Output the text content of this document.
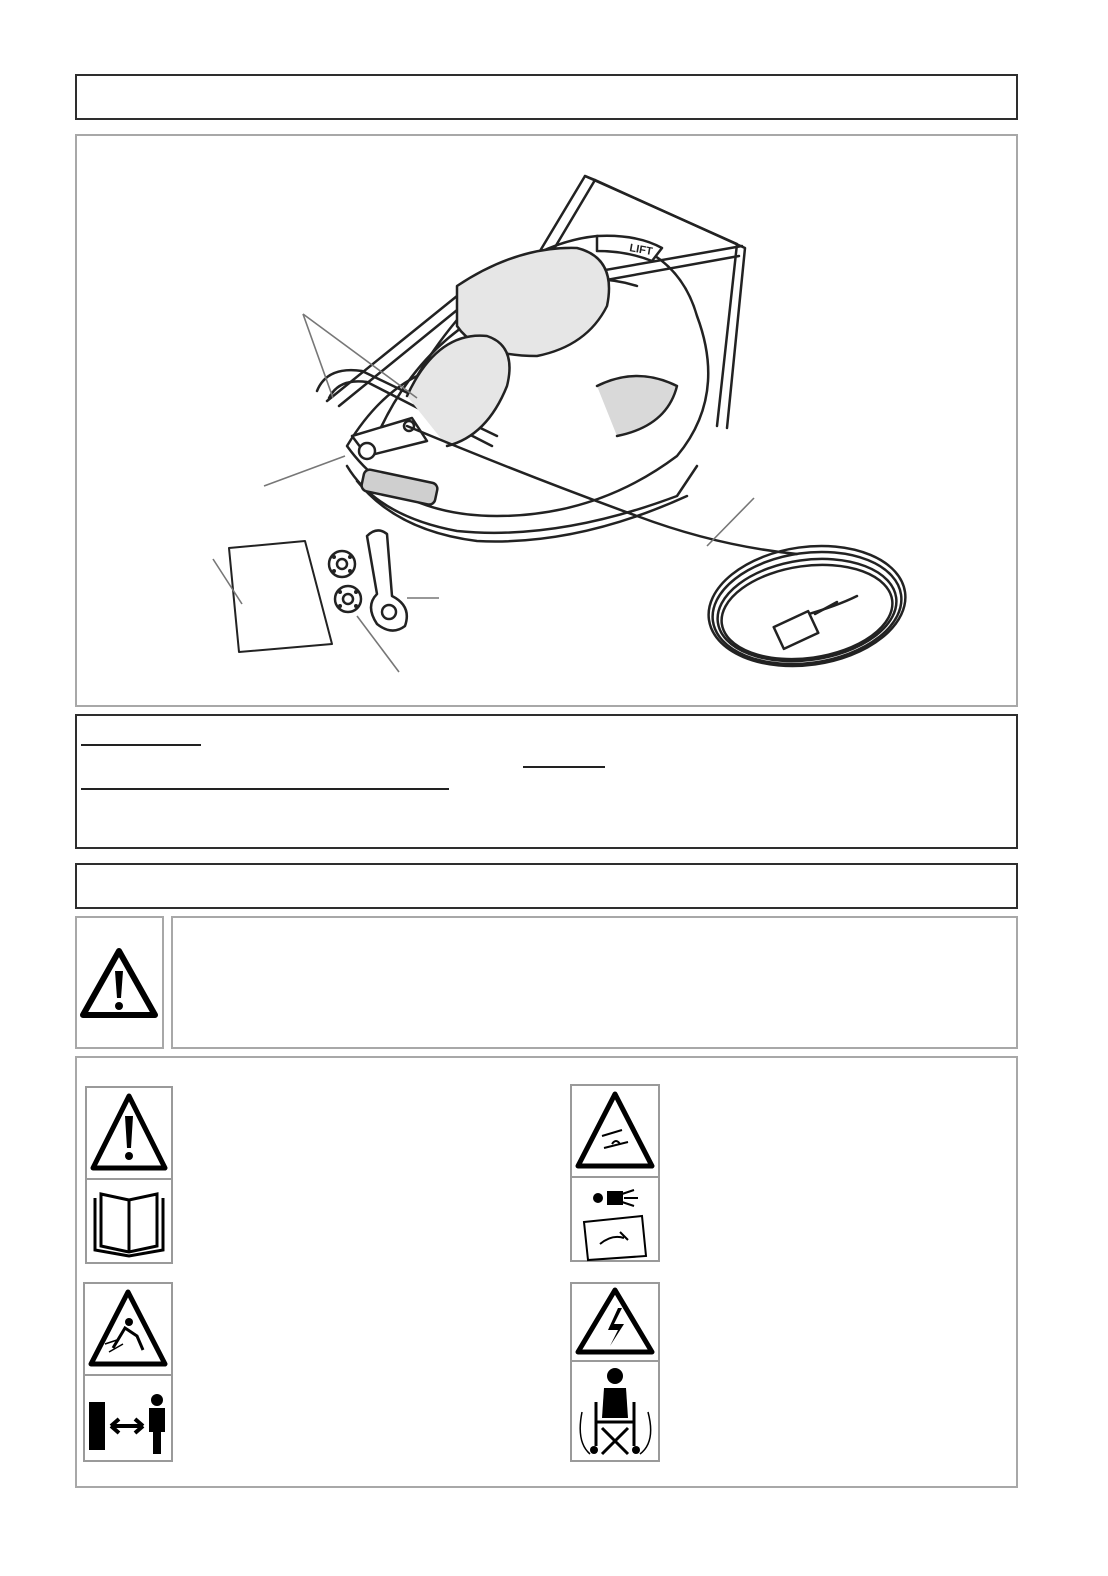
LIFT
